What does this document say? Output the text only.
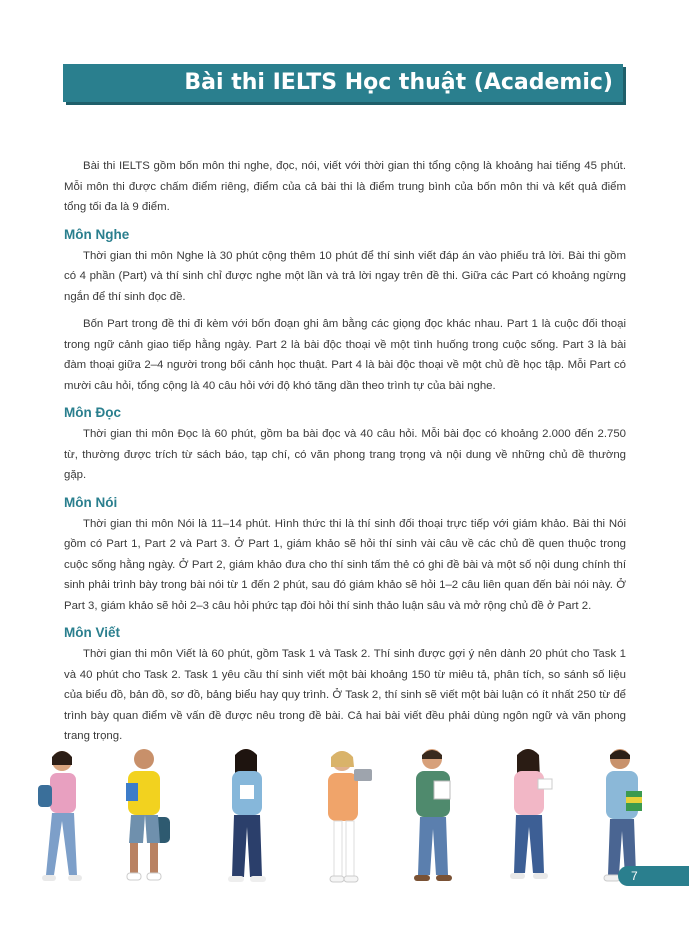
Bài thi IELTS Học thuật (Academic)

Bài thi IELTS gồm bốn môn thi nghe, đọc, nói, viết với thời gian thi tổng cộng là khoảng hai tiếng 45 phút. Mỗi môn thi được chấm điểm riêng, điểm của cả bài thi là điểm trung bình của bốn môn thi và kết quả điểm tổng tối đa là 9 điểm.

Môn Nghe

Thời gian thi môn Nghe là 30 phút cộng thêm 10 phút để thí sinh viết đáp án vào phiếu trả lời. Bài thi gồm có 4 phần (Part) và thí sinh chỉ được nghe một lần và trả lời ngay trên đề thi. Giữa các Part có khoảng ngừng ngắn để thí sinh đọc đề.

Bốn Part trong đề thi đi kèm với bốn đoạn ghi âm bằng các giọng đọc khác nhau. Part 1 là cuộc đối thoại trong ngữ cảnh giao tiếp hằng ngày. Part 2 là bài độc thoại về một tình huống trong cuộc sống. Part 3 là bài đàm thoại giữa 2–4 người trong bối cảnh học thuật. Part 4 là bài độc thoại về một chủ đề học tập. Mỗi Part có mười câu hỏi, tổng cộng là 40 câu hỏi với độ khó tăng dần theo trình tự của bài nghe.

Môn Đọc

Thời gian thi môn Đọc là 60 phút, gồm ba bài đọc và 40 câu hỏi. Mỗi bài đọc có khoảng 2.000 đến 2.750 từ, thường được trích từ sách báo, tạp chí, có văn phong trang trọng và nội dung về những chủ đề thường gặp.

Môn Nói

Thời gian thi môn Nói là 11–14 phút. Hình thức thi là thí sinh đối thoại trực tiếp với giám khảo. Bài thi Nói gồm có Part 1, Part 2 và Part 3. Ở Part 1, giám khảo sẽ hỏi thí sinh vài câu về các chủ đề quen thuộc trong cuộc sống hằng ngày. Ở Part 2, giám khảo đưa cho thí sinh tấm thẻ có ghi đề bài và một số nội dung chính thí sinh phải trình bày trong bài nói từ 1 đến 2 phút, sau đó giám khảo sẽ hỏi 1–2 câu liên quan đến bài nói này. Ở Part 3, giám khảo sẽ hỏi 2–3 câu hỏi phức tạp đòi hỏi thí sinh thảo luận sâu và mở rộng chủ đề ở Part 2.

Môn Viết

Thời gian thi môn Viết là 60 phút, gồm Task 1 và Task 2. Thí sinh được gợi ý nên dành 20 phút cho Task 1 và 40 phút cho Task 2. Task 1 yêu cầu thí sinh viết một bài khoảng 150 từ miêu tả, phân tích, so sánh số liệu của biểu đồ, bản đồ, sơ đồ, bảng biểu hay quy trình. Ở Task 2, thí sinh sẽ viết một bài luận có ít nhất 250 từ để trình bày quan điểm về vấn đề được nêu trong đề bài. Cả hai bài viết đều phải dùng ngôn ngữ và văn phong trang trọng.

7
